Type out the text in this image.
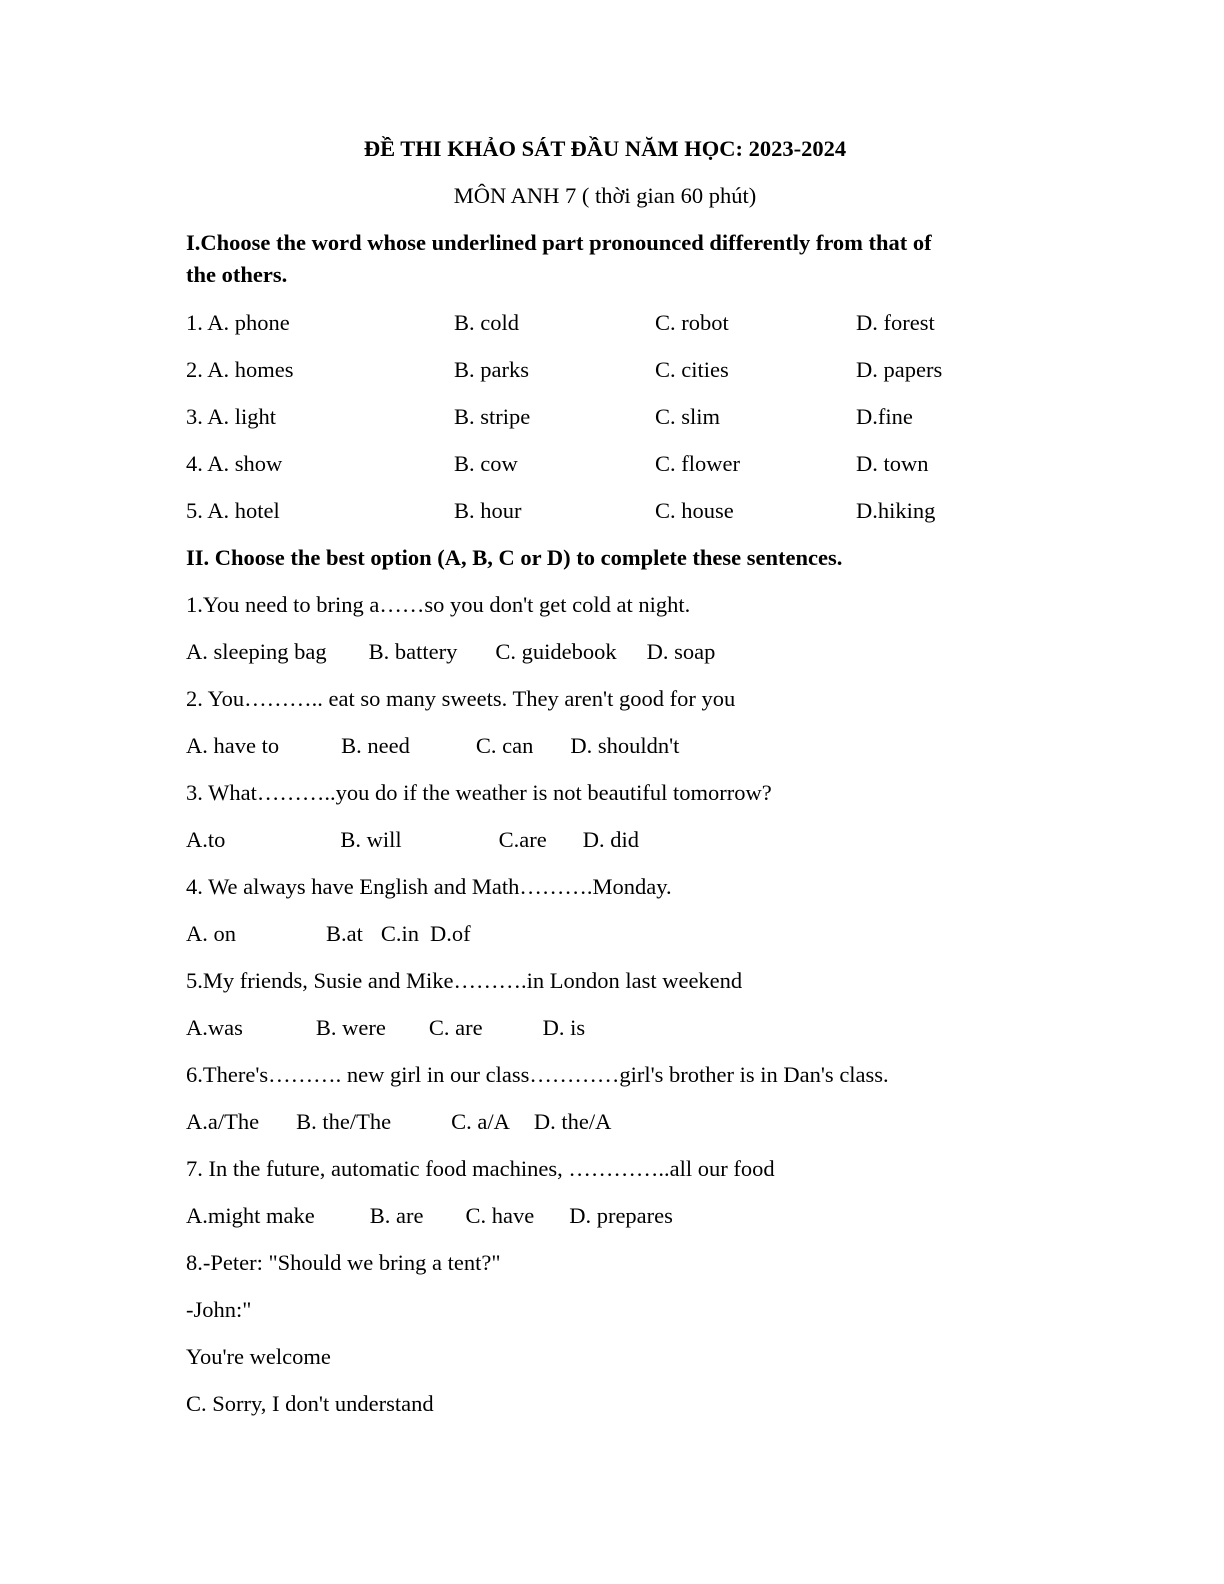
ĐỀ THI KHẢO SÁT ĐẦU NĂM HỌC: 2023-2024
MÔN ANH 7 ( thời gian 60 phút)
I.Choose the word whose underlined part pronounced differently from that of
the others.
1. A. phone	B. cold	C. robot	D. forest
2. A. homes	B. parks	C. cities	D. papers
3. A. light	B. stripe	C. slim	D.fine
4. A. show	B. cow	C. flower	D. town
5. A. hotel	B. hour	C. house	D.hiking
II. Choose the best option (A, B, C or D) to complete these sentences.
1.You need to bring a……so you don't get cold at night.
A. sleeping bag B. battery C. guidebook D. soap
2. You……….. eat so many sweets. They aren't good for you
A. have to	B. need	C. can D. shouldn't
3. What………..you do if the weather is not beautiful tomorrow?
A.to	B. will	C.are D. did
4. We always have English and Math……….Monday.
A. on	B.at C.in D.of
5.My friends, Susie and Mike……….in London last weekend
A.was	B. were C. are	D. is
6.There's………. new girl in our class…………girl's brother is in Dan's class.
A.a/The B. the/The	C. a/A D. the/A
7. In the future, automatic food machines, …………..all our food
A.might make B. are C. have D. prepares
8.-Peter: "Should we bring a tent?"
-John:"
You're welcome
C. Sorry, I don't understand
